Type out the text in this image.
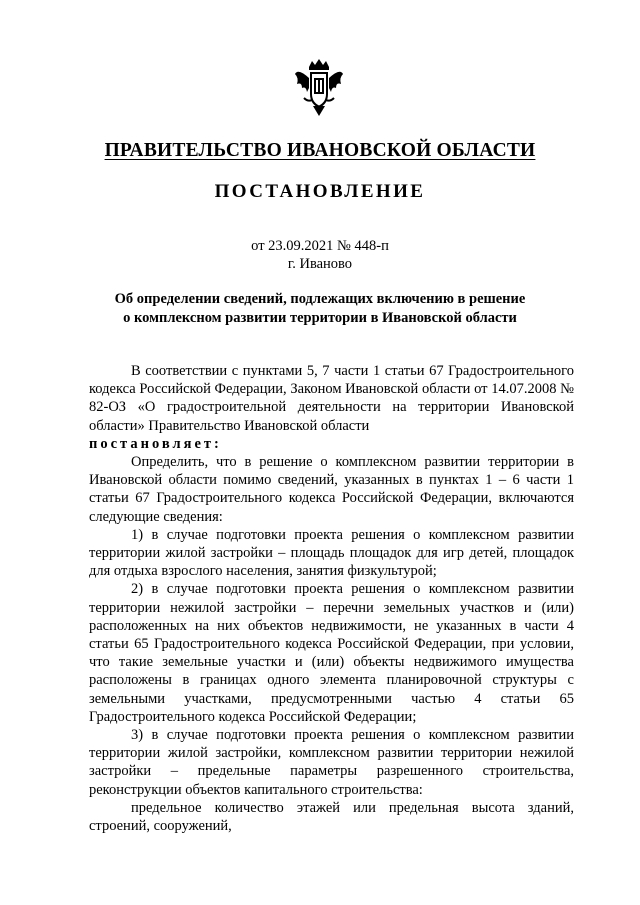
ПРАВИТЕЛЬСТВО ИВАНОВСКОЙ ОБЛАСТИ
ПОСТАНОВЛЕНИЕ
от 23.09.2021 № 448-п
г. Иваново
Об определении сведений, подлежащих включению в решение
о комплексном развитии территории в Ивановской области

В соответствии с пунктами 5, 7 части 1 статьи 67 Градостроительного кодекса Российской Федерации, Законом Ивановской области от 14.07.2008 № 82-ОЗ «О градостроительной деятельности на территории Ивановской области» Правительство Ивановской области

постановляет:

Определить, что в решение о комплексном развитии территории в Ивановской области помимо сведений, указанных в пунктах 1 – 6 части 1 статьи 67 Градостроительного кодекса Российской Федерации, включаются следующие сведения:

1) в случае подготовки проекта решения о комплексном развитии территории жилой застройки – площадь площадок для игр детей, площадок для отдыха взрослого населения, занятия физкультурой;

2) в случае подготовки проекта решения о комплексном развитии территории нежилой застройки – перечни земельных участков и (или) расположенных на них объектов недвижимости, не указанных в части 4 статьи 65 Градостроительного кодекса Российской Федерации, при условии, что такие земельные участки и (или) объекты недвижимого имущества расположены в границах одного элемента планировочной структуры с земельными участками, предусмотренными частью 4 статьи 65 Градостроительного кодекса Российской Федерации;

3) в случае подготовки проекта решения о комплексном развитии территории жилой застройки, комплексном развитии территории нежилой застройки – предельные параметры разрешенного строительства, реконструкции объектов капитального строительства:

предельное количество этажей или предельная высота зданий, строений, сооружений,
